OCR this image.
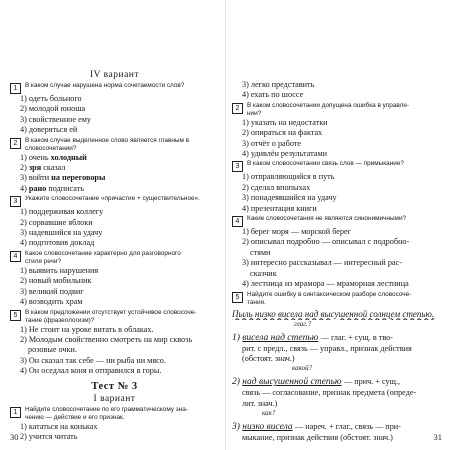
IV вариант
1	В каком случае нарушена норма сочетаемости слов?
1) одеть больного
2) молодой юноша
3) свойственное ему
4) доверяться ей
2	В каком случае выделенное слово является главным в
словосочетании?
1) очень холодный
2) зря сказал
3) войти на переговоры
4) рано подписать
3	Укажите словосочетание «причастие + существительное».
1) поддерживая коллегу
2) сорвавшие яблоки
3) надевшийся на удачу
4) подготовив доклад
4	Какое словосочетание характерно для разговорного
стиля речи?
1) выявить нарушения
2) новый мобильник
3) великий подвиг
4) возводить храм
5	В каком предложении отсутствует устойчивое словосоче-
тание (фразеологизм)?
1) Не стоит на уроке витать в облаках.
2) Молодым свойственно смотреть на мир сквозь
розовые очки.
3) Он сказал так себе — ни рыба ни мясо.
4) Он оседлал коня и отправился в горы.
Тест № 3
I вариант
1	Найдите словосочетание по его грамматическому зна-
чению — действие и его признак.
1) кататься на коньках
2) учится читать
30
3) легко представить
4) ехать по шоссе
2	В каком словосочетании допущена ошибка в управле-
нии?
1) указать на недостатки
2) опираться на фактах
3) отчёт о работе
4) удивлён результатами
3	В каком словосочетании связь слов — примыкание?
1) отправляющийся в путь
2) сделал впопыхах
3) понадеявшийся на удачу
4) презентация книги
4	Какие словосочетания не являются синонимичными?
1) берег моря — морской берег
2) описывал подробно — описывал с подробно-
стями
3) интересно рассказывал — интересный рас-
сказчик
4) лестница из мрамора — мраморная лестница
5	Найдите ошибку в синтаксическом разборе словосоче-
тания.
Пыль низко висела над высушенной солнцем степью.
глаг.?
1) висела над степью — глаг. + сущ. в тво-
рит. с предл., связь — управл., признак действия
(обстоят. знач.)
какой?
2) над высушенной степью — прич. + сущ.,
связь — согласование, признак предмета (опреде-
лит. знач.)
как?
3) низко висела — нареч. + глаг., связь — при-
мыкание, признак действия (обстоят. знач.)	31
